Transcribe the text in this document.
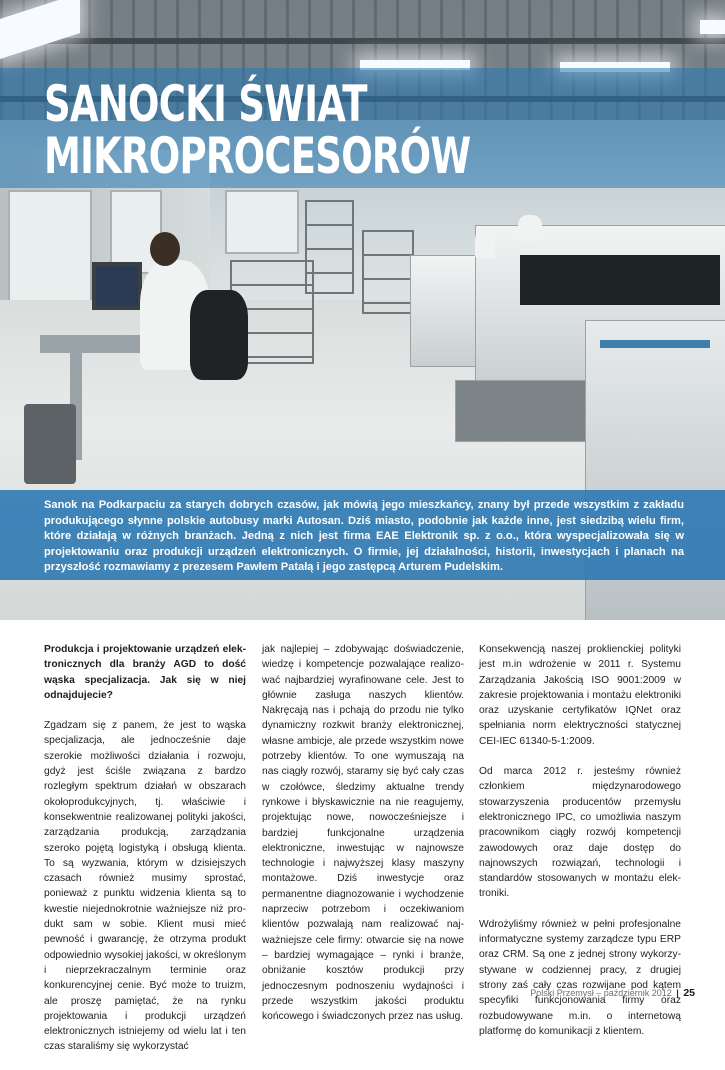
SANOCKI ŚWIAT
MIKROPROCESORÓW

Sanok na Podkarpaciu za starych dobrych czasów, jak mówią jego mieszkańcy, znany był przede wszystkim z zakładu produkującego słynne polskie autobusy marki Autosan. Dziś miasto, podobnie jak każde inne, jest siedzibą wielu firm, które działają w różnych branżach. Jedną z nich jest firma EAE Elektronik sp. z o.o., która wyspecjalizowała się w projektowaniu oraz produkcji urządzeń elektronicznych. O firmie, jej działalności, historii, inwestycjach i planach na przyszłość rozmawiamy z prezesem Pawłem Patałą i jego zastępcą Arturem Pudelskim.

Produkcja i projektowanie urządzeń elektronicznych dla branży AGD to dość wąska specjalizacja. Jak się w niej odnajdujecie?

Zgadzam się z panem, że jest to wąska specjalizacja, ale jednocześnie daje szerokie możliwości działania i rozwoju, gdyż jest ściśle związana z bardzo rozległym spektrum działań w obszarach okołoprodukcyjnych, tj. właściwie i konsekwentnie realizowanej polityki jakości, zarządzania produkcją, zarządzania szeroko pojętą logistyką i obsługą klienta. To są wyzwania, którym w dzisiejszych czasach również musimy sprostać, ponieważ z punktu widzenia klienta są to kwestie niejednokrotnie ważniejsze niż produkt sam w sobie. Klient musi mieć pewność i gwarancję, że otrzyma produkt odpowiednio wysokiej jakości, w określonym i nieprzekraczalnym terminie oraz konkurencyjnej cenie. Być może to truizm, ale proszę pamiętać, że na rynku projektowania i produkcji urządzeń elektronicznych istniejemy od wielu lat i ten czas staraliśmy się wykorzystać

jak najlepiej – zdobywając doświadczenie, wiedzę i kompetencje pozwalające realizować najbardziej wyrafinowane cele. Jest to głównie zasługa naszych klientów. Nakręcają nas i pchają do przodu nie tylko dynamiczny rozkwit branży elektronicznej, własne ambicje, ale przede wszystkim nowe potrzeby klientów. To one wymuszają na nas ciągły rozwój, staramy się być cały czas w czołówce, śledzimy aktualne trendy rynkowe i błyskawicznie na nie reagujemy, projektując nowe, nowocześniejsze i bardziej funkcjonalne urządzenia elektroniczne, inwestując w najnowsze technologie i najwyższej klasy maszyny montażowe. Dziś inwestycje oraz permanentne diagnozowanie i wychodzenie naprzeciw potrzebom i oczekiwaniom klientów pozwalają nam realizować najważniejsze cele firmy: otwarcie się na nowe – bardziej wymagające – rynki i branże, obniżanie kosztów produkcji przy jednoczesnym podnoszeniu wydajności i przede wszystkim jakości produktu końcowego i świadczonych przez nas usług.

Konsekwencją naszej proklienckiej polityki jest m.in wdrożenie w 2011 r. Systemu Zarządzania Jakością ISO 9001:2009 w zakresie projektowania i montażu elektroniki oraz uzyskanie certyfikatów IQNet oraz spełniania norm elektryczności statycznej CEI-IEC 61340-5-1:2009.

Od marca 2012 r. jesteśmy również członkiem międzynarodowego stowarzyszenia producentów przemysłu elektronicznego IPC, co umożliwia naszym pracownikom ciągły rozwój kompetencji zawodowych oraz daje dostęp do najnowszych rozwiązań, technologii i standardów stosowanych w montażu elektroniki.

Wdrożyliśmy również w pełni profesjonalne informatyczne systemy zarządcze typu ERP oraz CRM. Są one z jednej strony wykorzystywane w codziennej pracy, z drugiej strony zaś cały czas rozwijane pod kątem specyfiki funkcjonowania firmy oraz rozbudowywane m.in. o internetową platformę do komunikacji z klientem.

Polski Przemysł – październik 2012 | 25
